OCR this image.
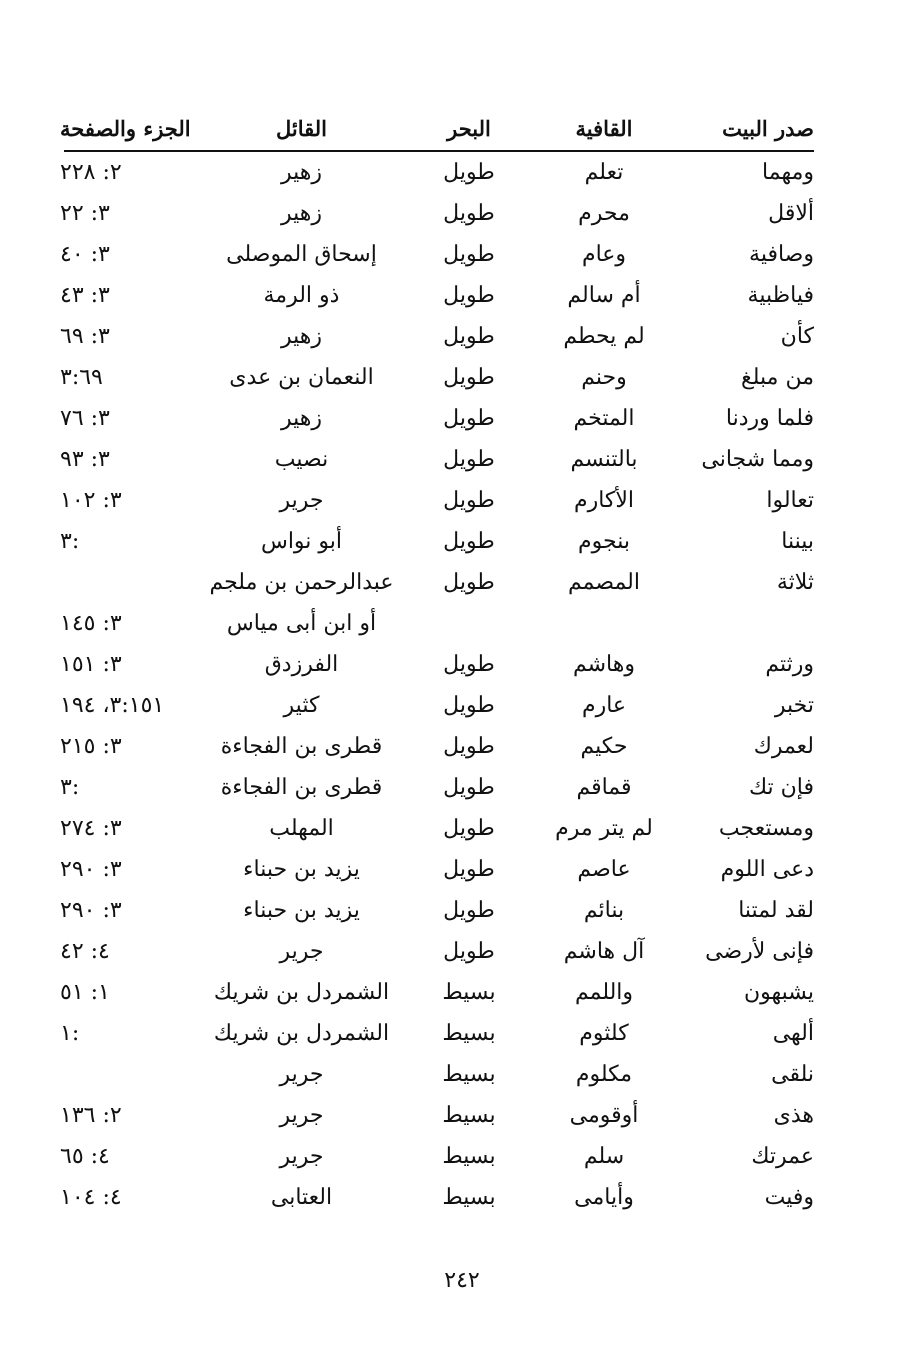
صدر البيت
القافية
البحر
القائل
الجزء والصفحة
ومهما
تعلم
طويل
زهير
٢: ٢٢٨
ألاقل
محرم
طويل
زهير
٣: ٢٢
وصافية
وعام
طويل
إسحاق الموصلى
٣: ٤٠
فياظبية
أم سالم
طويل
ذو الرمة
٣: ٤٣
كأن
لم يحطم
طويل
زهير
٣: ٦٩
من مبلغ
وحنم
طويل
النعمان بن عدى
٣:٦٩
فلما وردنا
المتخم
طويل
زهير
٣: ٧٦
ومما شجانى
بالتنسم
طويل
نصيب
٣: ٩٣
تعالوا
الأكارم
طويل
جرير
٣: ١٠٢
بيننا
بنجوم
طويل
أبو نواس
٣:
ثلاثة
المصمم
طويل
عبدالرحمن بن ملجم
أو ابن أبى مياس
٣: ١٤٥
ورثتم
وهاشم
طويل
الفرزدق
٣: ١٥١
تخبر
عارم
طويل
كثير
٣:١٥١، ١٩٤
لعمرك
حكيم
طويل
قطرى بن الفجاءة
٣: ٢١٥
فإن تك
قماقم
طويل
قطرى بن الفجاءة
٣:
ومستعجب
لم يتر مرم
طويل
المهلب
٣: ٢٧٤
دعى اللوم
عاصم
طويل
يزيد بن حبناء
٣: ٢٩٠
لقد لمتنا
بنائم
طويل
يزيد بن حبناء
٣: ٢٩٠
فإنى لأرضى
آل هاشم
طويل
جرير
٤: ٤٢
يشبهون
واللمم
بسيط
الشمردل بن شريك
١: ٥١
ألهى
كلثوم
بسيط
الشمردل بن شريك
١:
نلقى
مكلوم
بسيط
جرير
هذى
أوقومى
بسيط
جرير
٢: ١٣٦
عمرتك
سلم
بسيط
جرير
٤: ٦٥
وفيت
وأيامى
بسيط
العتابى
٤: ١٠٤
٢٤٢
